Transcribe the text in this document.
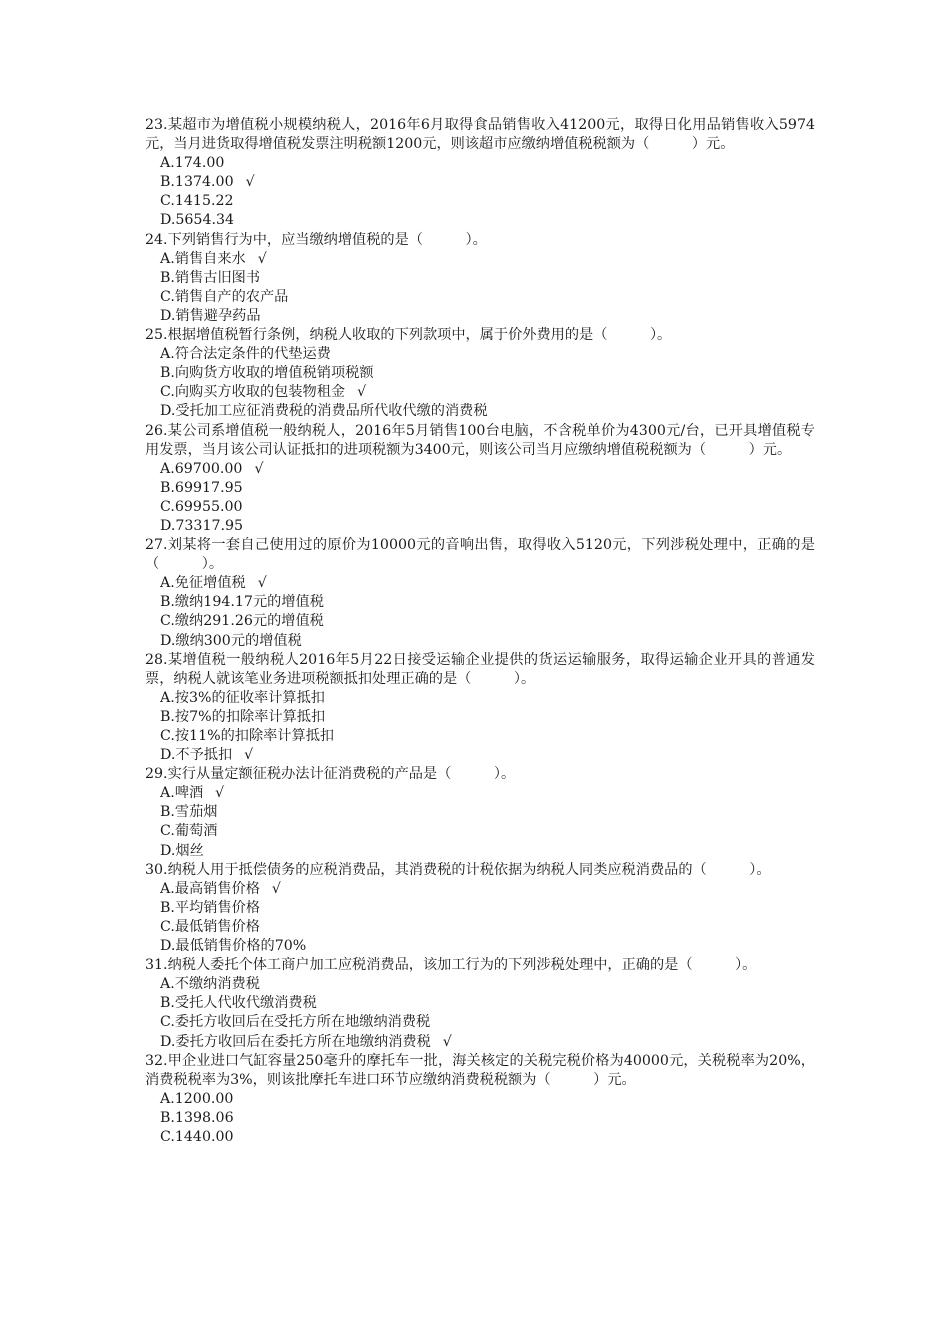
23.某超市为增值税小规模纳税人，2016年6月取得食品销售收入41200元，取得日化用品销售收入5974元，当月进货取得增值税发票注明税额1200元，则该超市应缴纳增值税税额为（　　　）元。

A.174.00

B.1374.00 √

C.1415.22

D.5654.34

24.下列销售行为中，应当缴纳增值税的是（　　　）。

A.销售自来水 √

B.销售古旧图书

C.销售自产的农产品

D.销售避孕药品

25.根据增值税暂行条例，纳税人收取的下列款项中，属于价外费用的是（　　　）。

A.符合法定条件的代垫运费

B.向购货方收取的增值税销项税额

C.向购买方收取的包装物租金 √

D.受托加工应征消费税的消费品所代收代缴的消费税

26.某公司系增值税一般纳税人，2016年5月销售100台电脑，不含税单价为4300元/台，已开具增值税专用发票，当月该公司认证抵扣的进项税额为3400元，则该公司当月应缴纳增值税税额为（　　　）元。

A.69700.00 √

B.69917.95

C.69955.00

D.73317.95

27.刘某将一套自己使用过的原价为10000元的音响出售，取得收入5120元，下列涉税处理中，正确的是（　　　）。

A.免征增值税 √

B.缴纳194.17元的增值税

C.缴纳291.26元的增值税

D.缴纳300元的增值税

28.某增值税一般纳税人2016年5月22日接受运输企业提供的货运运输服务，取得运输企业开具的普通发票，纳税人就该笔业务进项税额抵扣处理正确的是（　　　）。

A.按3%的征收率计算抵扣

B.按7%的扣除率计算抵扣

C.按11%的扣除率计算抵扣

D.不予抵扣 √

29.实行从量定额征税办法计征消费税的产品是（　　　）。

A.啤酒 √

B.雪茄烟

C.葡萄酒

D.烟丝

30.纳税人用于抵偿债务的应税消费品，其消费税的计税依据为纳税人同类应税消费品的（　　　）。

A.最高销售价格 √

B.平均销售价格

C.最低销售价格

D.最低销售价格的70%

31.纳税人委托个体工商户加工应税消费品，该加工行为的下列涉税处理中，正确的是（　　　）。

A.不缴纳消费税

B.受托人代收代缴消费税

C.委托方收回后在受托方所在地缴纳消费税

D.委托方收回后在委托方所在地缴纳消费税 √

32.甲企业进口气缸容量250毫升的摩托车一批，海关核定的关税完税价格为40000元，关税税率为20%，消费税税率为3%，则该批摩托车进口环节应缴纳消费税税额为（　　　）元。

A.1200.00

B.1398.06

C.1440.00
